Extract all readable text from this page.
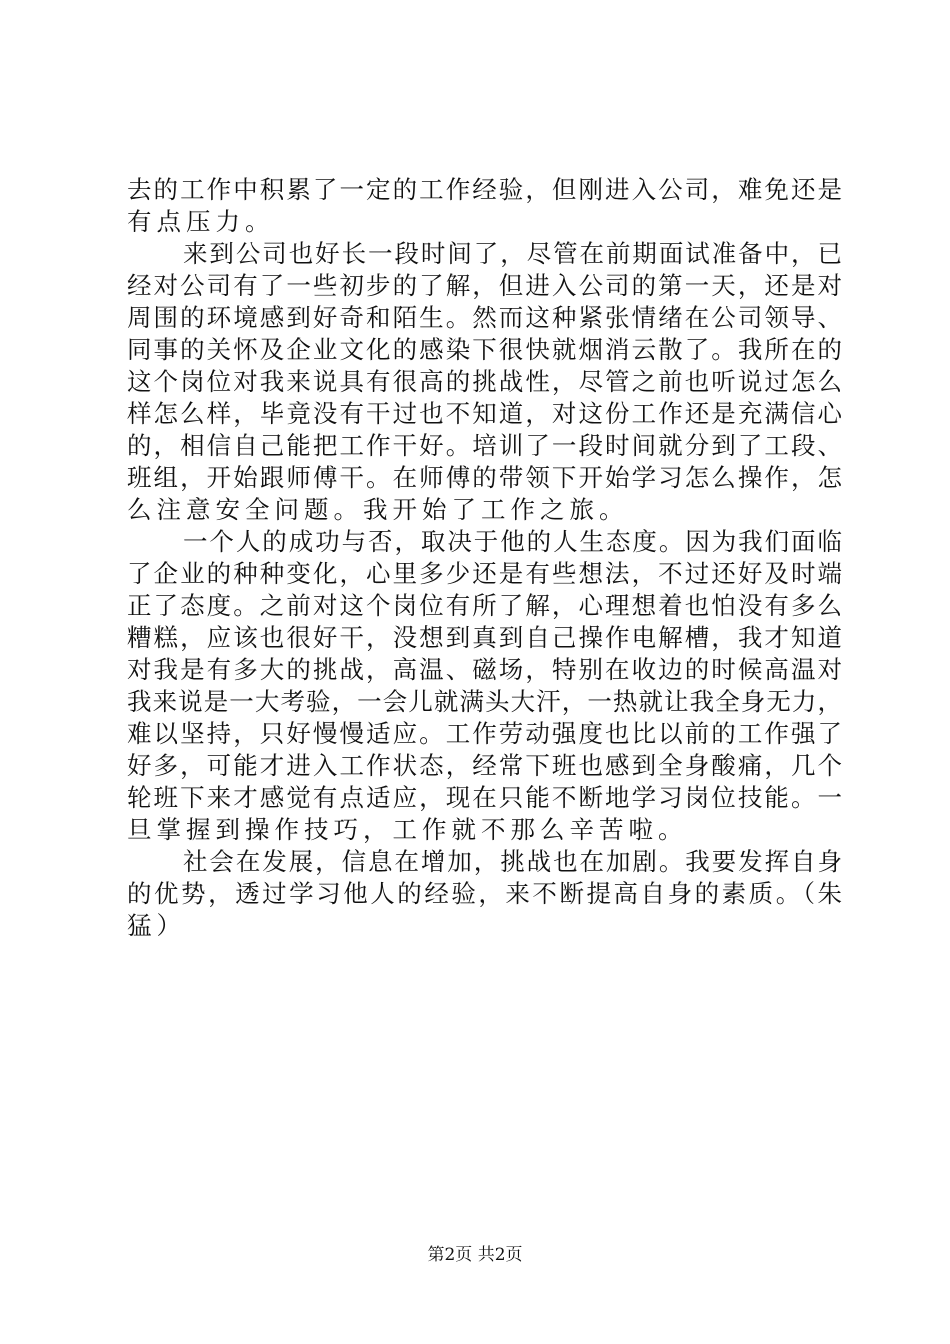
去的工作中积累了一定的工作经验，但刚进入公司，难免还是
有点压力。
来到公司也好长一段时间了，尽管在前期面试准备中，已
经对公司有了一些初步的了解，但进入公司的第一天，还是对
周围的环境感到好奇和陌生。然而这种紧张情绪在公司领导、
同事的关怀及企业文化的感染下很快就烟消云散了。我所在的
这个岗位对我来说具有很高的挑战性，尽管之前也听说过怎么
样怎么样，毕竟没有干过也不知道，对这份工作还是充满信心
的，相信自己能把工作干好。培训了一段时间就分到了工段、
班组，开始跟师傅干。在师傅的带领下开始学习怎么操作，怎
么注意安全问题。我开始了工作之旅。
一个人的成功与否，取决于他的人生态度。因为我们面临
了企业的种种变化，心里多少还是有些想法，不过还好及时端
正了态度。之前对这个岗位有所了解，心理想着也怕没有多么
糟糕，应该也很好干，没想到真到自己操作电解槽，我才知道
对我是有多大的挑战，高温、磁场，特别在收边的时候高温对
我来说是一大考验，一会儿就满头大汗，一热就让我全身无力，
难以坚持，只好慢慢适应。工作劳动强度也比以前的工作强了
好多，可能才进入工作状态，经常下班也感到全身酸痛，几个
轮班下来才感觉有点适应，现在只能不断地学习岗位技能。一
旦掌握到操作技巧，工作就不那么辛苦啦。
社会在发展，信息在增加，挑战也在加剧。我要发挥自身
的优势，透过学习他人的经验，来不断提高自身的素质。（朱
猛）
第2页 共2页
